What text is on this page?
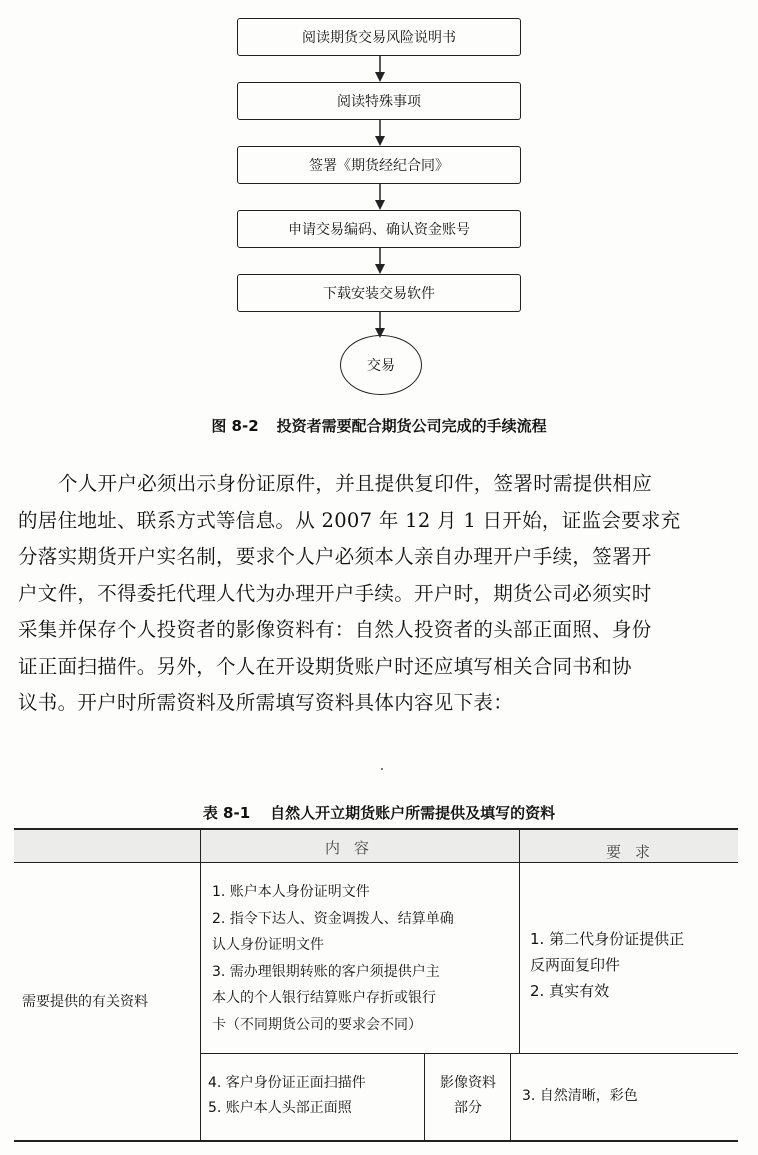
阅读期货交易风险说明书
阅读特殊事项
签署《期货经纪合同》
申请交易编码、确认资金账号
下载安装交易软件
交易
图 8-2 投资者需要配合期货公司完成的手续流程

个人开户必须出示身份证原件，并且提供复印件，签署时需提供相应

的居住地址、联系方式等信息。从 2007 年 12 月 1 日开始，证监会要求充

分落实期货开户实名制，要求个人户必须本人亲自办理开户手续，签署开

户文件，不得委托代理人代为办理开户手续。开户时，期货公司必须实时

采集并保存个人投资者的影像资料有：自然人投资者的头部正面照、身份

证正面扫描件。另外，个人在开设期货账户时还应填写相关合同书和协

议书。开户时所需资料及所需填写资料具体内容见下表：

表 8-1 自然人开立期货账户所需提供及填写的资料
内容	要求
需要提供的有关资料
1. 账户本人身份证明文件
2. 指令下达人、资金调拨人、结算单确
认人身份证明文件
3. 需办理银期转账的客户须提供户主
本人的个人银行结算账户存折或银行
卡（不同期货公司的要求会不同）
1. 第二代身份证提供正
反两面复印件
2. 真实有效
4. 客户身份证正面扫描件
5. 账户本人头部正面照
影像资料
部分
3. 自然清晰，彩色
